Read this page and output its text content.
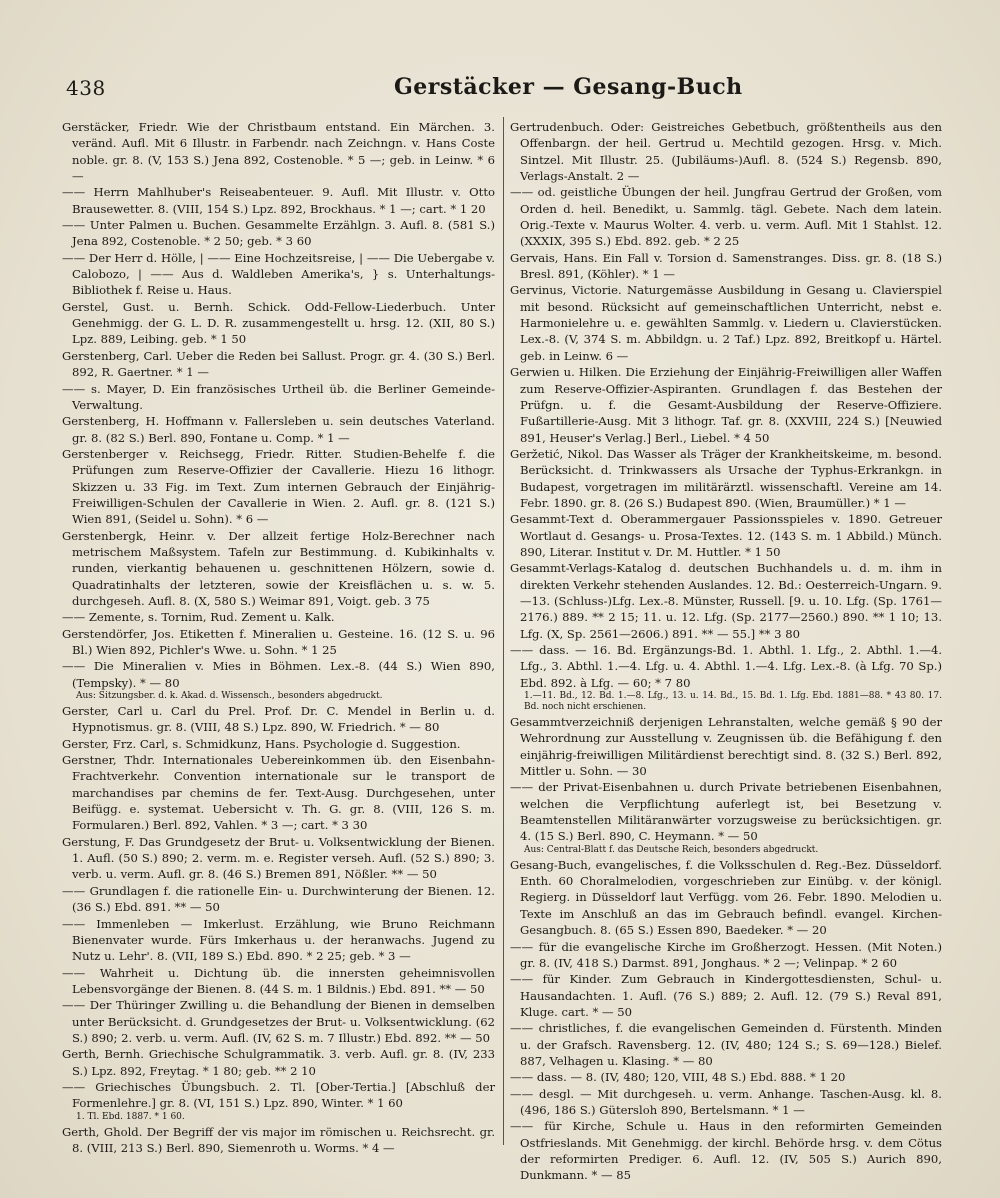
438	Gerstäcker — Gesang-Buch

Gerstäcker, Friedr. Wie der Christbaum entstand. Ein Märchen. 3. veränd. Aufl. Mit 6 Illustr. in Farbendr. nach Zeichngn. v. Hans Coste noble. gr. 8. (V, 153 S.) Jena 892, Costenoble. * 5 —; geb. in Leinw. * 6 —

—— Herrn Mahlhuber's Reiseabenteuer. 9. Aufl. Mit Illustr. v. Otto Brausewetter. 8. (VIII, 154 S.) Lpz. 892, Brockhaus. * 1 —; cart. * 1 20

—— Unter Palmen u. Buchen. Gesammelte Erzählgn. 3. Aufl. 8. (581 S.) Jena 892, Costenoble. * 2 50; geb. * 3 60

—— Der Herr d. Hölle, | —— Eine Hochzeitsreise, | —— Die Uebergabe v. Calobozo, | —— Aus d. Waldleben Amerika's, } s. Unterhaltungs-Bibliothek f. Reise u. Haus.

Gerstel, Gust. u. Bernh. Schick. Odd-Fellow-Liederbuch. Unter Genehmigg. der G. L. D. R. zusammengestellt u. hrsg. 12. (XII, 80 S.) Lpz. 889, Leibing. geb. * 1 50

Gerstenberg, Carl. Ueber die Reden bei Sallust. Progr. gr. 4. (30 S.) Berl. 892, R. Gaertner. * 1 —

—— s. Mayer, D. Ein französisches Urtheil üb. die Berliner Gemeinde-Verwaltung.

Gerstenberg, H. Hoffmann v. Fallersleben u. sein deutsches Vaterland. gr. 8. (82 S.) Berl. 890, Fontane u. Comp. * 1 —

Gerstenberger v. Reichsegg, Friedr. Ritter. Studien-Behelfe f. die Prüfungen zum Reserve-Offizier der Cavallerie. Hiezu 16 lithogr. Skizzen u. 33 Fig. im Text. Zum internen Gebrauch der Einjährig-Freiwilligen-Schulen der Cavallerie in Wien. 2. Aufl. gr. 8. (121 S.) Wien 891, (Seidel u. Sohn). * 6 —

Gerstenbergk, Heinr. v. Der allzeit fertige Holz-Berechner nach metrischem Maßsystem. Tafeln zur Bestimmung. d. Kubikinhalts v. runden, vierkantig behauenen u. geschnittenen Hölzern, sowie d. Quadratinhalts der letzteren, sowie der Kreisflächen u. s. w. 5. durchgeseh. Aufl. 8. (X, 580 S.) Weimar 891, Voigt. geb. 3 75

—— Zemente, s. Tornim, Rud. Zement u. Kalk.

Gerstendörfer, Jos. Etiketten f. Mineralien u. Gesteine. 16. (12 S. u. 96 Bl.) Wien 892, Pichler's Wwe. u. Sohn. * 1 25

—— Die Mineralien v. Mies in Böhmen. Lex.-8. (44 S.) Wien 890, (Tempsky). * — 80

Aus: Sitzungsber. d. k. Akad. d. Wissensch., besonders abgedruckt.

Gerster, Carl u. Carl du Prel. Prof. Dr. C. Mendel in Berlin u. d. Hypnotismus. gr. 8. (VIII, 48 S.) Lpz. 890, W. Friedrich. * — 80

Gerster, Frz. Carl, s. Schmidkunz, Hans. Psychologie d. Suggestion.

Gerstner, Thdr. Internationales Uebereinkommen üb. den Eisenbahn-Frachtverkehr. Convention internationale sur le transport de marchandises par chemins de fer. Text-Ausg. Durchgesehen, unter Beifügg. e. systemat. Uebersicht v. Th. G. gr. 8. (VIII, 126 S. m. Formularen.) Berl. 892, Vahlen. * 3 —; cart. * 3 30

Gerstung, F. Das Grundgesetz der Brut- u. Volksentwicklung der Bienen. 1. Aufl. (50 S.) 890; 2. verm. m. e. Register verseh. Aufl. (52 S.) 890; 3. verb. u. verm. Aufl. gr. 8. (46 S.) Bremen 891, Nößler. ** — 50

—— Grundlagen f. die rationelle Ein- u. Durchwinterung der Bienen. 12. (36 S.) Ebd. 891. ** — 50

—— Immenleben — Imkerlust. Erzählung, wie Bruno Reichmann Bienenvater wurde. Fürs Imkerhaus u. der heranwachs. Jugend zu Nutz u. Lehr'. 8. (VII, 189 S.) Ebd. 890. * 2 25; geb. * 3 —

—— Wahrheit u. Dichtung üb. die innersten geheimnisvollen Lebensvorgänge der Bienen. 8. (44 S. m. 1 Bildnis.) Ebd. 891. ** — 50

—— Der Thüringer Zwilling u. die Behandlung der Bienen in demselben unter Berücksicht. d. Grundgesetzes der Brut- u. Volksentwicklung. (62 S.) 890; 2. verb. u. verm. Aufl. (IV, 62 S. m. 7 Illustr.) Ebd. 892. ** — 50

Gerth, Bernh. Griechische Schulgrammatik. 3. verb. Aufl. gr. 8. (IV, 233 S.) Lpz. 892, Freytag. * 1 80; geb. ** 2 10

—— Griechisches Übungsbuch. 2. Tl. [Ober-Tertia.] [Abschluß der Formenlehre.] gr. 8. (VI, 151 S.) Lpz. 890, Winter. * 1 60

1. Tl. Ebd. 1887. * 1 60.

Gerth, Ghold. Der Begriff der vis major im römischen u. Reichsrecht. gr. 8. (VIII, 213 S.) Berl. 890, Siemenroth u. Worms. * 4 —

Gertrudenbuch. Oder: Geistreiches Gebetbuch, größtentheils aus den Offenbargn. der heil. Gertrud u. Mechtild gezogen. Hrsg. v. Mich. Sintzel. Mit Illustr. 25. (Jubiläums-)Aufl. 8. (524 S.) Regensb. 890, Verlags-Anstalt. 2 —

—— od. geistliche Übungen der heil. Jungfrau Gertrud der Großen, vom Orden d. heil. Benedikt, u. Sammlg. tägl. Gebete. Nach dem latein. Orig.-Texte v. Maurus Wolter. 4. verb. u. verm. Aufl. Mit 1 Stahlst. 12. (XXXIX, 395 S.) Ebd. 892. geb. * 2 25

Gervais, Hans. Ein Fall v. Torsion d. Samenstranges. Diss. gr. 8. (18 S.) Bresl. 891, (Köhler). * 1 —

Gervinus, Victorie. Naturgemässe Ausbildung in Gesang u. Clavierspiel mit besond. Rücksicht auf gemeinschaftlichen Unterricht, nebst e. Harmonielehre u. e. gewählten Sammlg. v. Liedern u. Clavierstücken. Lex.-8. (V, 374 S. m. Abbildgn. u. 2 Taf.) Lpz. 892, Breitkopf u. Härtel. geb. in Leinw. 6 —

Gerwien u. Hilken. Die Erziehung der Einjährig-Freiwilligen aller Waffen zum Reserve-Offizier-Aspiranten. Grundlagen f. das Bestehen der Prüfgn. u. f. die Gesamt-Ausbildung der Reserve-Offiziere. Fußartillerie-Ausg. Mit 3 lithogr. Taf. gr. 8. (XXVIII, 224 S.) [Neuwied 891, Heuser's Verlag.] Berl., Liebel. * 4 50

Geržetić, Nikol. Das Wasser als Träger der Krankheitskeime, m. besond. Berücksicht. d. Trinkwassers als Ursache der Typhus-Erkrankgn. in Budapest, vorgetragen im militärärztl. wissenschaftl. Vereine am 14. Febr. 1890. gr. 8. (26 S.) Budapest 890. (Wien, Braumüller.) * 1 —

Gesammt-Text d. Oberammergauer Passionsspieles v. 1890. Getreuer Wortlaut d. Gesangs- u. Prosa-Textes. 12. (143 S. m. 1 Abbild.) Münch. 890, Literar. Institut v. Dr. M. Huttler. * 1 50

Gesammt-Verlags-Katalog d. deutschen Buchhandels u. d. m. ihm in direkten Verkehr stehenden Auslandes. 12. Bd.: Oesterreich-Ungarn. 9.—13. (Schluss-)Lfg. Lex.-8. Münster, Russell. [9. u. 10. Lfg. (Sp. 1761—2176.) 889. ** 2 15; 11. u. 12. Lfg. (Sp. 2177—2560.) 890. ** 1 10; 13. Lfg. (X, Sp. 2561—2606.) 891. ** — 55.] ** 3 80

—— dass. — 16. Bd. Ergänzungs-Bd. 1. Abthl. 1. Lfg., 2. Abthl. 1.—4. Lfg., 3. Abthl. 1.—4. Lfg. u. 4. Abthl. 1.—4. Lfg. Lex.-8. (à Lfg. 70 Sp.) Ebd. 892. à Lfg. — 60; * 7 80

1.—11. Bd., 12. Bd. 1.—8. Lfg., 13. u. 14. Bd., 15. Bd. 1. Lfg. Ebd. 1881—88. * 43 80. 17. Bd. noch nicht erschienen.

Gesammtverzeichniß derjenigen Lehranstalten, welche gemäß § 90 der Wehrordnung zur Ausstellung v. Zeugnissen üb. die Befähigung f. den einjährig-freiwilligen Militärdienst berechtigt sind. 8. (32 S.) Berl. 892, Mittler u. Sohn. — 30

—— der Privat-Eisenbahnen u. durch Private betriebenen Eisenbahnen, welchen die Verpflichtung auferlegt ist, bei Besetzung v. Beamtenstellen Militäranwärter vorzugsweise zu berücksichtigen. gr. 4. (15 S.) Berl. 890, C. Heymann. * — 50

Aus: Central-Blatt f. das Deutsche Reich, besonders abgedruckt.

Gesang-Buch, evangelisches, f. die Volksschulen d. Reg.-Bez. Düsseldorf. Enth. 60 Choralmelodien, vorgeschrieben zur Einübg. v. der königl. Regierg. in Düsseldorf laut Verfügg. vom 26. Febr. 1890. Melodien u. Texte im Anschluß an das im Gebrauch befindl. evangel. Kirchen-Gesangbuch. 8. (65 S.) Essen 890, Baedeker. * — 20

—— für die evangelische Kirche im Großherzogt. Hessen. (Mit Noten.) gr. 8. (IV, 418 S.) Darmst. 891, Jonghaus. * 2 —; Velinpap. * 2 60

—— für Kinder. Zum Gebrauch in Kindergottesdiensten, Schul- u. Hausandachten. 1. Aufl. (76 S.) 889; 2. Aufl. 12. (79 S.) Reval 891, Kluge. cart. * — 50

—— christliches, f. die evangelischen Gemeinden d. Fürstenth. Minden u. der Grafsch. Ravensberg. 12. (IV, 480; 124 S.; S. 69—128.) Bielef. 887, Velhagen u. Klasing. * — 80

—— dass. — 8. (IV, 480; 120, VIII, 48 S.) Ebd. 888. * 1 20

—— desgl. — Mit durchgeseh. u. verm. Anhange. Taschen-Ausg. kl. 8. (496, 186 S.) Gütersloh 890, Bertelsmann. * 1 —

—— für Kirche, Schule u. Haus in den reformirten Gemeinden Ostfrieslands. Mit Genehmigg. der kirchl. Behörde hrsg. v. dem Cötus der reformirten Prediger. 6. Aufl. 12. (IV, 505 S.) Aurich 890, Dunkmann. * — 85
